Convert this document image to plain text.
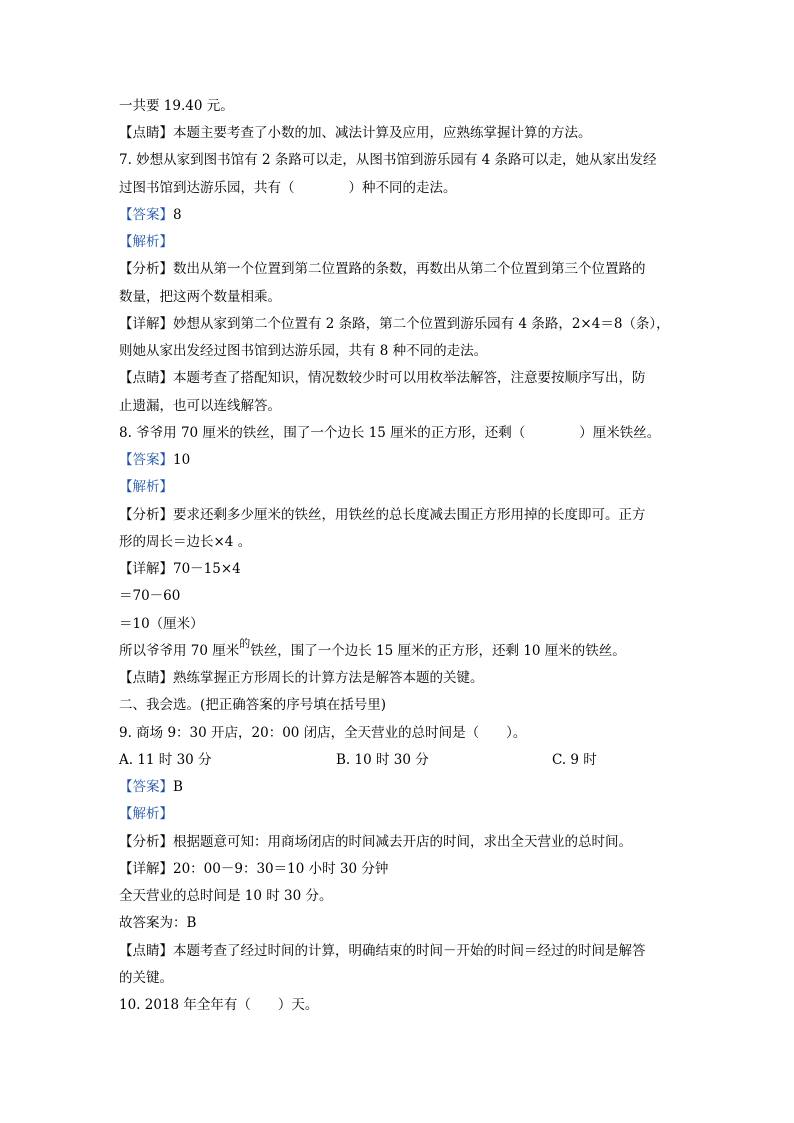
一共要 19.40 元。
【点睛】本题主要考查了小数的加、减法计算及应用，应熟练掌握计算的方法。
7. 妙想从家到图书馆有 2 条路可以走，从图书馆到游乐园有 4 条路可以走，她从家出发经
过图书馆到达游乐园，共有（　　　　）种不同的走法。
【答案】8
【解析】
【分析】数出从第一个位置到第二位置路的条数，再数出从第二个位置到第三个位置路的
数量，把这两个数量相乘。
【详解】妙想从家到第二个位置有 2 条路，第二个位置到游乐园有 4 条路，2×4＝8（条），
则她从家出发经过图书馆到达游乐园，共有 8 种不同的走法。
【点睛】本题考查了搭配知识，情况数较少时可以用枚举法解答，注意要按顺序写出，防
止遗漏，也可以连线解答。
8. 爷爷用 70 厘米的铁丝，围了一个边长 15 厘米的正方形，还剩（　　　　）厘米铁丝。
【答案】10
【解析】
【分析】要求还剩多少厘米的铁丝，用铁丝的总长度减去围正方形用掉的长度即可。正方
形的周长＝边长×4 。
【详解】70－15×4
＝70－60
＝10（厘米）
所以爷爷用 70 厘米$^的$铁丝，围了一个边长 15 厘米的正方形，还剩 10 厘米的铁丝。
【点睛】熟练掌握正方形周长的计算方法是解答本题的关键。
二、我会选。(把正确答案的序号填在括号里)
9. 商场 9：30 开店，20：00 闭店，全天营业的总时间是（　　）。
A. 11 时 30 分	B. 10 时 30 分	C. 9 时
【答案】B
【解析】
【分析】根据题意可知：用商场闭店的时间减去开店的时间，求出全天营业的总时间。
【详解】20：00－9：30＝10 小时 30 分钟
全天营业的总时间是 10 时 30 分。
故答案为：B
【点睛】本题考查了经过时间的计算，明确结束的时间－开始的时间＝经过的时间是解答
的关键。
10. 2018 年全年有（　　）天。
